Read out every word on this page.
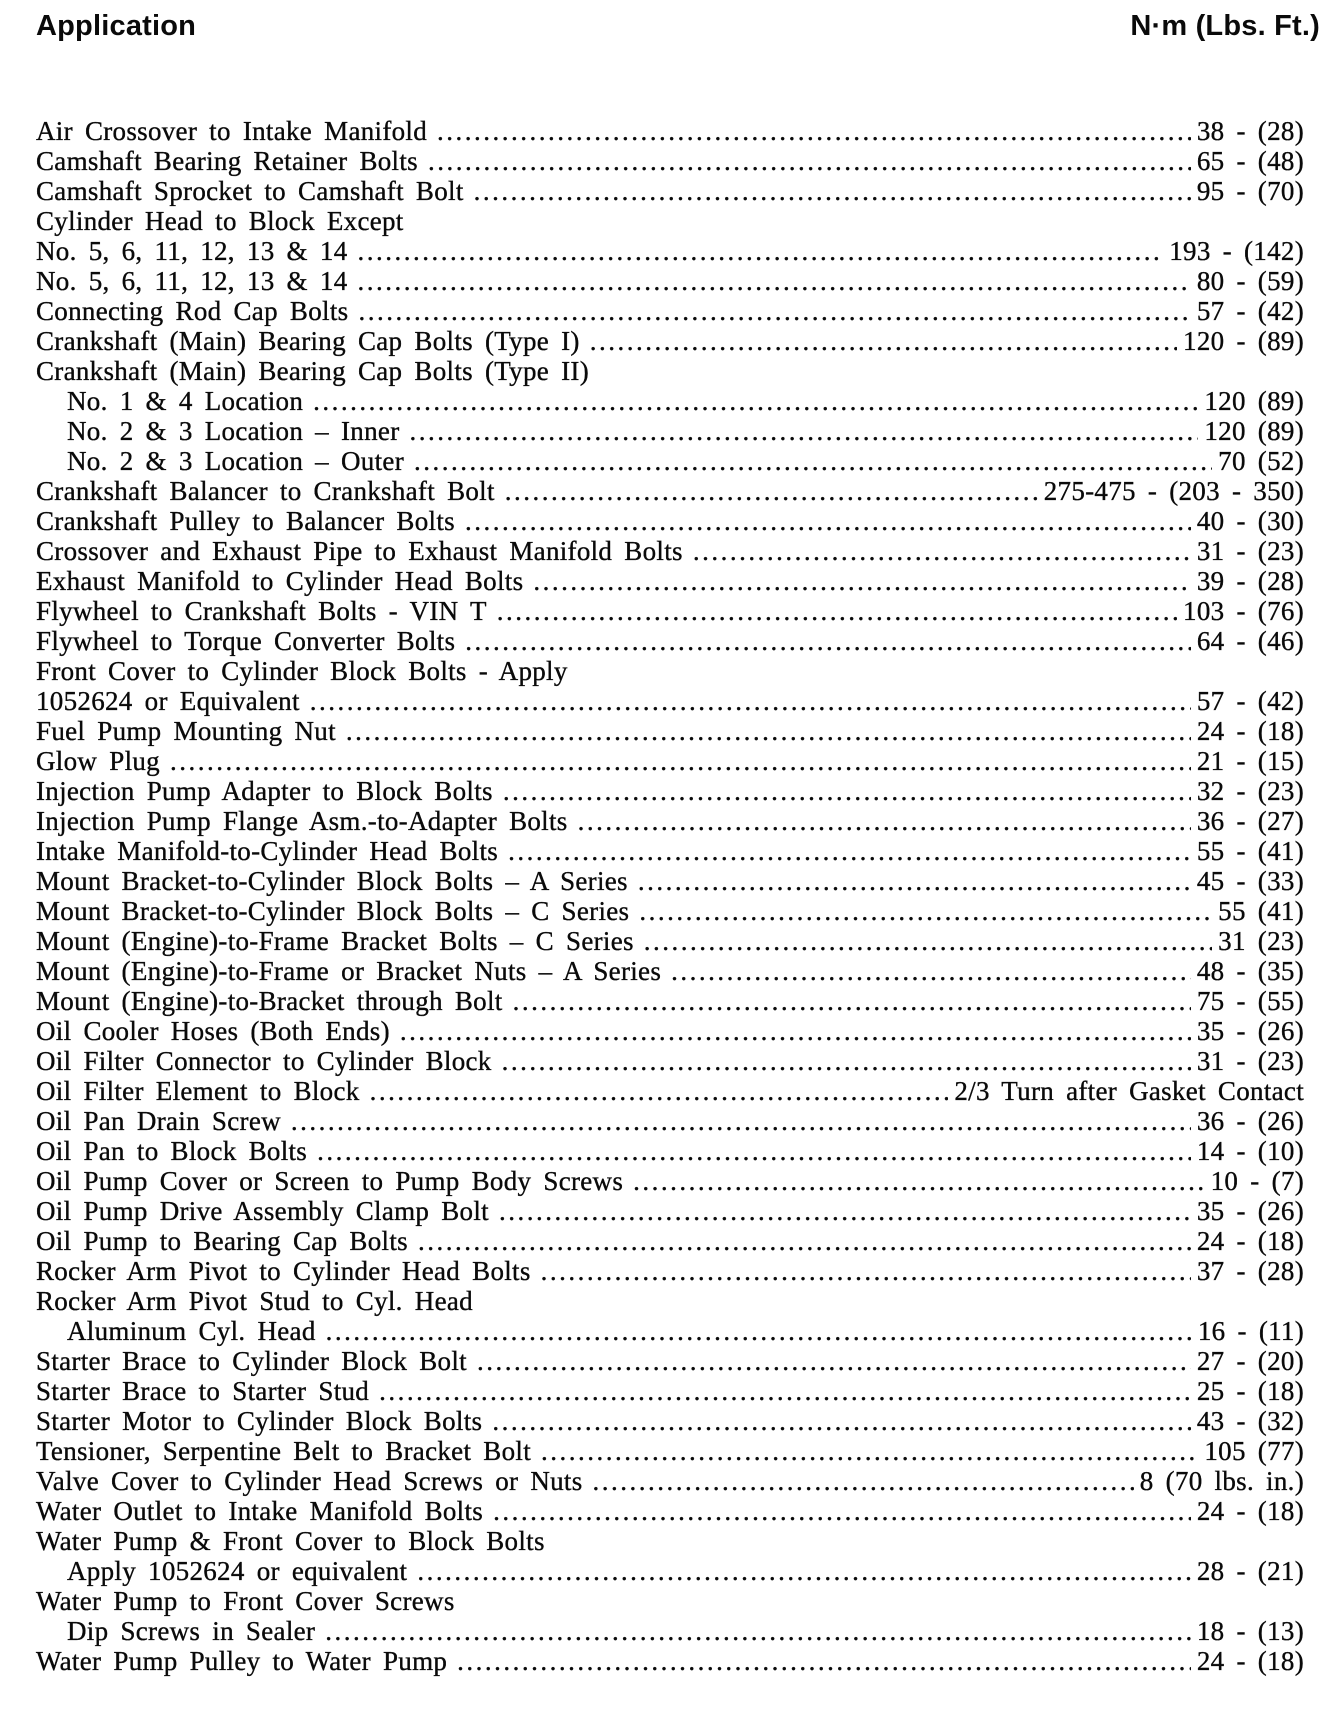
Application	N·m (Lbs. Ft.)
Air Crossover to Intake Manifold .....	38 - (28)
Camshaft Bearing Retainer Bolts .....	65 - (48)
Camshaft Sprocket to Camshaft Bolt .....	95 - (70)
Cylinder Head to Block Except
No. 5, 6, 11, 12, 13 & 14 .....	193 - (142)
No. 5, 6, 11, 12, 13 & 14 .....	80 - (59)
Connecting Rod Cap Bolts .....	57 - (42)
Crankshaft (Main) Bearing Cap Bolts (Type I) .....	120 - (89)
Crankshaft (Main) Bearing Cap Bolts (Type II)
No. 1 & 4 Location .....	120 (89)
No. 2 & 3 Location – Inner .....	120 (89)
No. 2 & 3 Location – Outer .....	70 (52)
Crankshaft Balancer to Crankshaft Bolt .....	275-475 - (203 - 350)
Crankshaft Pulley to Balancer Bolts .....	40 - (30)
Crossover and Exhaust Pipe to Exhaust Manifold Bolts .....	31 - (23)
Exhaust Manifold to Cylinder Head Bolts .....	39 - (28)
Flywheel to Crankshaft Bolts - VIN T .....	103 - (76)
Flywheel to Torque Converter Bolts .....	64 - (46)
Front Cover to Cylinder Block Bolts - Apply
1052624 or Equivalent .....	57 - (42)
Fuel Pump Mounting Nut .....	24 - (18)
Glow Plug .....	21 - (15)
Injection Pump Adapter to Block Bolts .....	32 - (23)
Injection Pump Flange Asm.-to-Adapter Bolts .....	36 - (27)
Intake Manifold-to-Cylinder Head Bolts .....	55 - (41)
Mount Bracket-to-Cylinder Block Bolts – A Series .....	45 - (33)
Mount Bracket-to-Cylinder Block Bolts – C Series .....	55 (41)
Mount (Engine)-to-Frame Bracket Bolts – C Series .....	31 (23)
Mount (Engine)-to-Frame or Bracket Nuts – A Series .....	48 - (35)
Mount (Engine)-to-Bracket through Bolt .....	75 - (55)
Oil Cooler Hoses (Both Ends) .....	35 - (26)
Oil Filter Connector to Cylinder Block .....	31 - (23)
Oil Filter Element to Block .....	2/3 Turn after Gasket Contact
Oil Pan Drain Screw .....	36 - (26)
Oil Pan to Block Bolts .....	14 - (10)
Oil Pump Cover or Screen to Pump Body Screws .....	10 - (7)
Oil Pump Drive Assembly Clamp Bolt .....	35 - (26)
Oil Pump to Bearing Cap Bolts .....	24 - (18)
Rocker Arm Pivot to Cylinder Head Bolts .....	37 - (28)
Rocker Arm Pivot Stud to Cyl. Head
Aluminum Cyl. Head .....	16 - (11)
Starter Brace to Cylinder Block Bolt .....	27 - (20)
Starter Brace to Starter Stud .....	25 - (18)
Starter Motor to Cylinder Block Bolts .....	43 - (32)
Tensioner, Serpentine Belt to Bracket Bolt .....	105 (77)
Valve Cover to Cylinder Head Screws or Nuts .....	8 (70 lbs. in.)
Water Outlet to Intake Manifold Bolts .....	24 - (18)
Water Pump & Front Cover to Block Bolts
Apply 1052624 or equivalent .....	28 - (21)
Water Pump to Front Cover Screws
Dip Screws in Sealer .....	18 - (13)
Water Pump Pulley to Water Pump .....	24 - (18)
